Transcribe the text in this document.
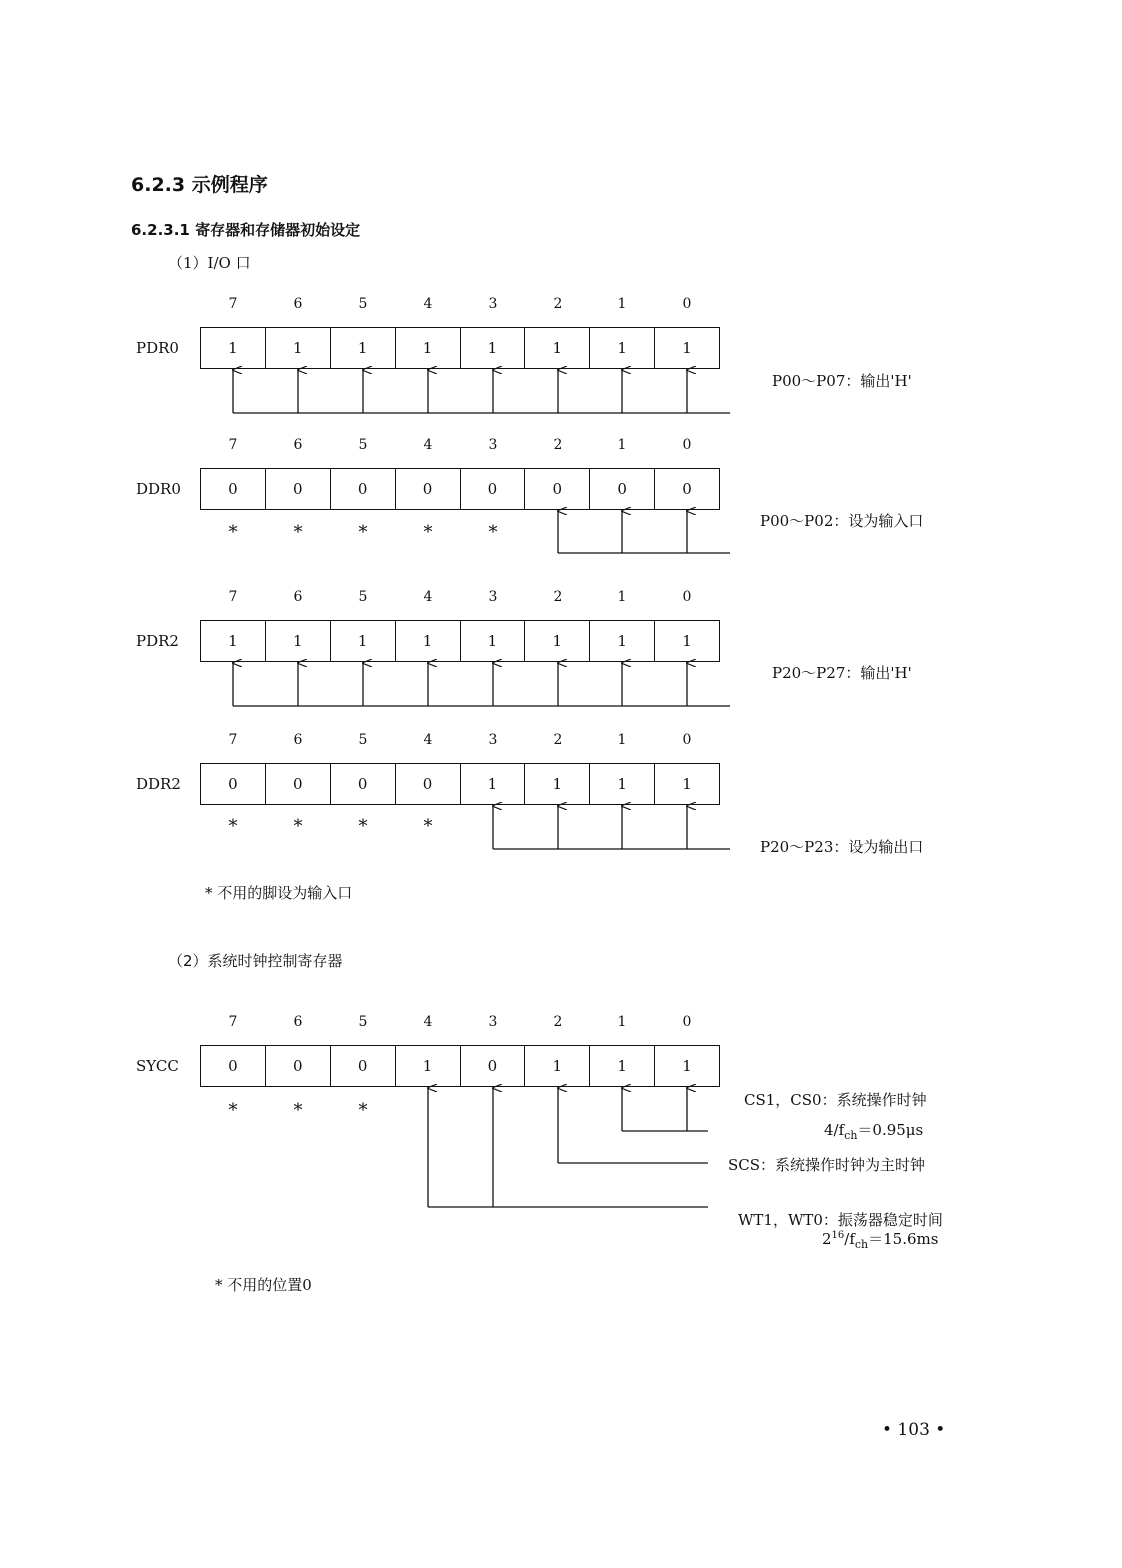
6.2.3 示例程序
6.2.3.1 寄存器和存储器初始设定
（1）I/O 口
（2）系统时钟控制寄存器
7	6	5	4	3	2	1	0
PDR0	1	1	1	1	1	1	1	1
P00～P07：输出'H'
7	6	5	4	3	2	1	0
DDR0	0	0	0	0	0	0	0	0
*	*	*	*	*
P00～P02：设为输入口
7	6	5	4	3	2	1	0
PDR2	1	1	1	1	1	1	1	1
P20～P27：输出'H'
7	6	5	4	3	2	1	0
DDR2	0	0	0	0	1	1	1	1
*	*	*	*
P20～P23：设为输出口
7	6	5	4	3	2	1	0
SYCC	0	0	0	1	0	1	1	1
*	*	*
* 不用的脚设为输入口
* 不用的位置0
CS1，CS0：系统操作时钟
$4/f_{ch}=0.95\mu s$
SCS：系统操作时钟为主时钟
WT1，WT0：振荡器稳定时间
$2^{16}/f_{ch}=15.6ms$
• 103 •
